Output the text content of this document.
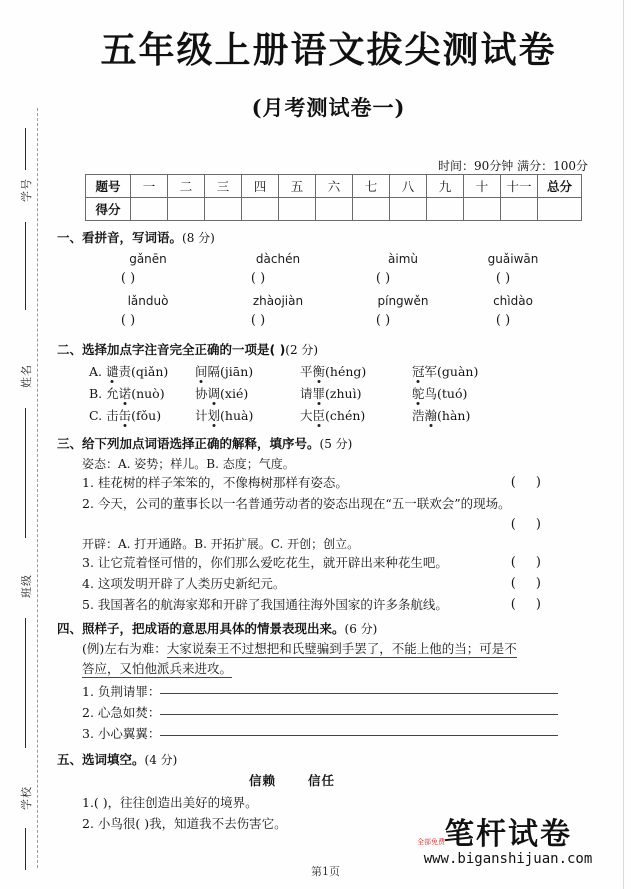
学号
姓名
班级
学校
五年级上册语文拔尖测试卷
(月考测试卷一)
时间：90分钟 满分：100分
题号	一	二	三	四	五	六	七	八	九	十	十一	总分
得分												
一、看拼音，写词语。(8 分)
gǎnēn	dàchén	àimù	guǎiwān
( )	( )	( )	( )
lǎnduò	zhàojiàn	píngwěn	chìdào
( )	( )	( )	( )
二、选择加点字注音完全正确的一项是( )(2 分)
A. 谴责(qiǎn) 间隔(jiān)	平衡(héng)	冠军(guàn)
B. 允诺(nuò) 协调(xié)	请罪(zhuì)	鸵鸟(tuó)
C. 击缶(fǒu)	计划(huà)	大臣(chén)	浩瀚(hàn)
三、给下列加点词语选择正确的解释，填序号。(5 分)
姿态：A. 姿势；样儿。B. 态度；气度。
1. 桂花树的样子笨笨的，不像梅树那样有姿态。	( )
2. 今天，公司的董事长以一名普通劳动者的姿态出现在“五一联欢会”的现场。
( )
开辟：A. 打开通路。B. 开拓扩展。C. 开创；创立。
3. 让它荒着怪可惜的，你们那么爱吃花生，就开辟出来种花生吧。	( )
4. 这项发明开辟了人类历史新纪元。	( )
5. 我国著名的航海家郑和开辟了我国通往海外国家的许多条航线。	( )
四、照样子，把成语的意思用具体的情景表现出来。(6 分)
(例)左右为难：大家说秦王不过想把和氏璧骗到手罢了，不能上他的当；可是不
答应，又怕他派兵来进攻。
1. 负荆请罪：
2. 心急如焚：
3. 小心翼翼：
五、选词填空。(4 分)
信赖	信任
1.( )，往往创造出美好的境界。
2. 小鸟很( )我，知道我不去伤害它。
第1页
笔杆试卷
www.biganshijuan.com
全部免费
